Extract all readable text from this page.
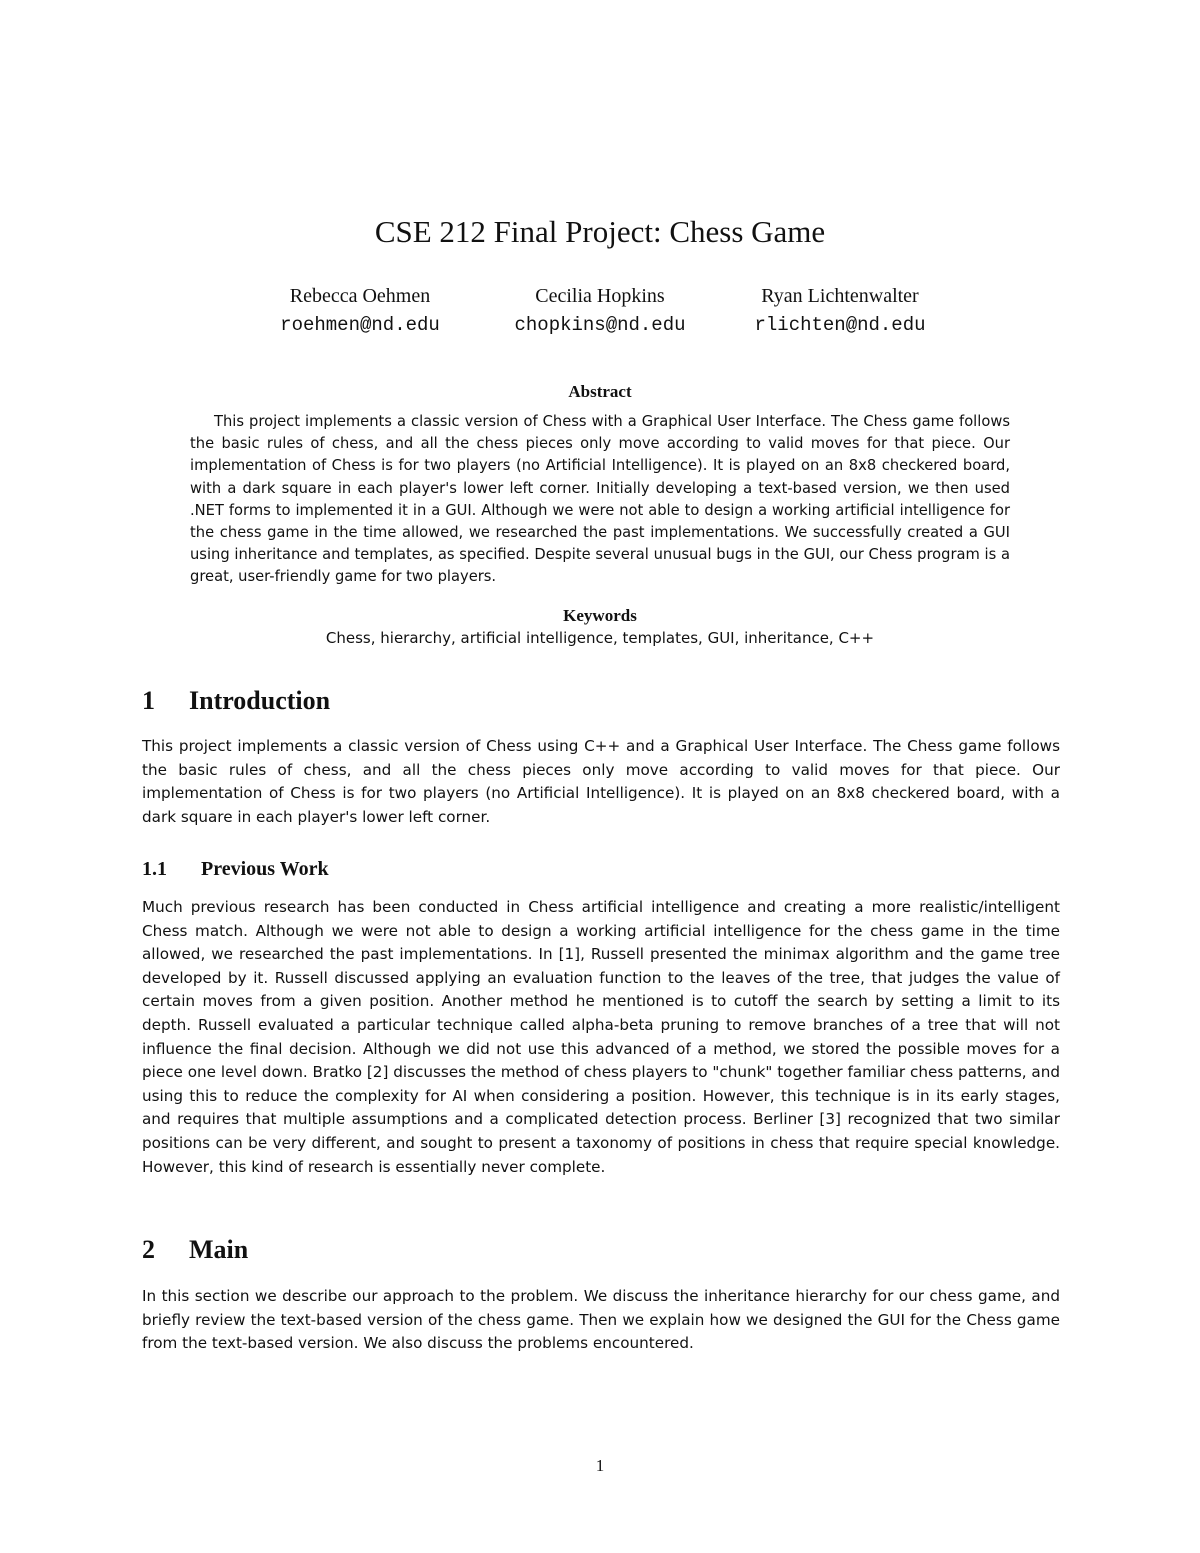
CSE 212 Final Project: Chess Game
Rebecca Oehmen
roehmen@nd.edu
Cecilia Hopkins
chopkins@nd.edu
Ryan Lichtenwalter
rlichten@nd.edu
Abstract

This project implements a classic version of Chess with a Graphical User Interface. The Chess game follows the basic rules of chess, and all the chess pieces only move according to valid moves for that piece. Our implementation of Chess is for two players (no Artificial Intelligence). It is played on an 8x8 checkered board, with a dark square in each player's lower left corner. Initially developing a text-based version, we then used .NET forms to implemented it in a GUI. Although we were not able to design a working artificial intelligence for the chess game in the time allowed, we researched the past implementations. We successfully created a GUI using inheritance and templates, as specified. Despite several unusual bugs in the GUI, our Chess program is a great, user-friendly game for two players.

Keywords
Chess, hierarchy, artificial intelligence, templates, GUI, inheritance, C++
1 Introduction

This project implements a classic version of Chess using C++ and a Graphical User Interface. The Chess game follows the basic rules of chess, and all the chess pieces only move according to valid moves for that piece. Our implementation of Chess is for two players (no Artificial Intelligence). It is played on an 8x8 checkered board, with a dark square in each player's lower left corner.

1.1 Previous Work

Much previous research has been conducted in Chess artificial intelligence and creating a more realistic/intelligent Chess match. Although we were not able to design a working artificial intelligence for the chess game in the time allowed, we researched the past implementations. In [1], Russell presented the minimax algorithm and the game tree developed by it. Russell discussed applying an evaluation function to the leaves of the tree, that judges the value of certain moves from a given position. Another method he mentioned is to cutoff the search by setting a limit to its depth. Russell evaluated a particular technique called alpha-beta pruning to remove branches of a tree that will not influence the final decision. Although we did not use this advanced of a method, we stored the possible moves for a piece one level down. Bratko [2] discusses the method of chess players to "chunk" together familiar chess patterns, and using this to reduce the complexity for AI when considering a position. However, this technique is in its early stages, and requires that multiple assumptions and a complicated detection process. Berliner [3] recognized that two similar positions can be very different, and sought to present a taxonomy of positions in chess that require special knowledge. However, this kind of research is essentially never complete.

2 Main

In this section we describe our approach to the problem. We discuss the inheritance hierarchy for our chess game, and briefly review the text-based version of the chess game. Then we explain how we designed the GUI for the Chess game from the text-based version. We also discuss the problems encountered.

1
